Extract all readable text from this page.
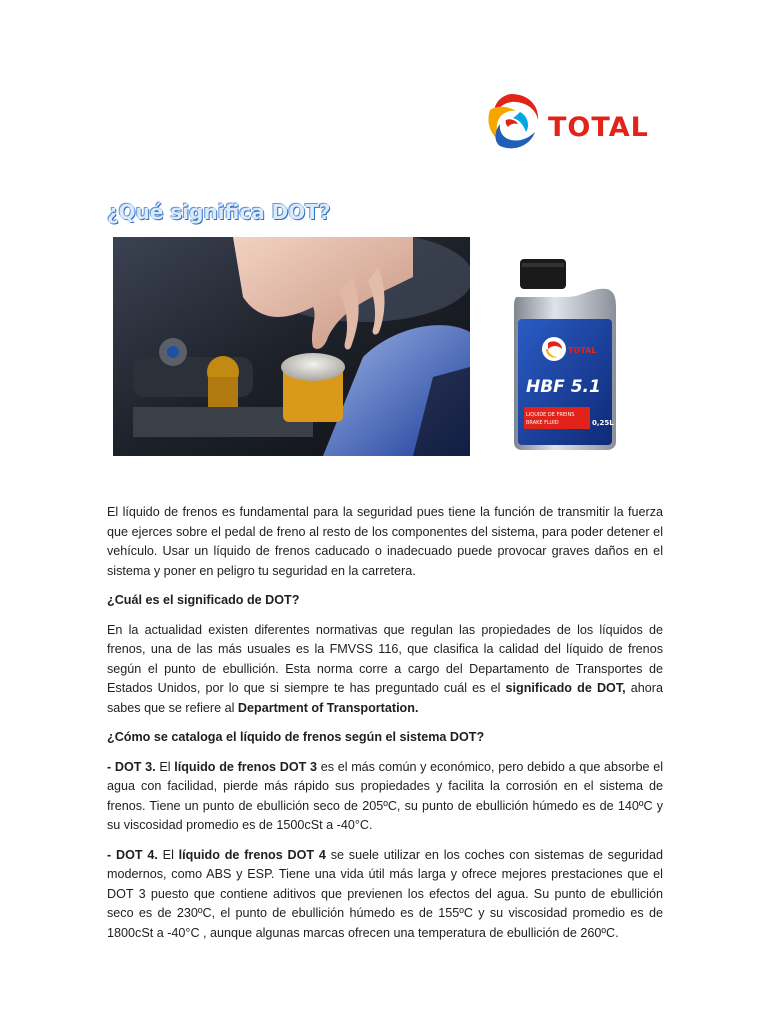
TOTAL
¿Qué significa DOT?
TOTAL
HBF 5.1
LIQUIDE DE FREINS
BRAKE FLUID	0,25L

El líquido de frenos es fundamental para la seguridad pues tiene la función de transmitir la fuerza que ejerces sobre el pedal de freno al resto de los componentes del sistema, para poder detener el vehículo. Usar un líquido de frenos caducado o inadecuado puede provocar graves daños en el sistema y poner en peligro tu seguridad en la carretera.

¿Cuál es el significado de DOT?

En la actualidad existen diferentes normativas que regulan las propiedades de los líquidos de frenos, una de las más usuales es la FMVSS 116, que clasifica la calidad del líquido de frenos según el punto de ebullición. Esta norma corre a cargo del Departamento de Transportes de Estados Unidos, por lo que si siempre te has preguntado cuál es el significado de DOT, ahora sabes que se refiere al Department of Transportation.

¿Cómo se cataloga el líquido de frenos según el sistema DOT?

- DOT 3. El líquido de frenos DOT 3 es el más común y económico, pero debido a que absorbe el agua con facilidad, pierde más rápido sus propiedades y facilita la corrosión en el sistema de frenos. Tiene un punto de ebullición seco de 205ºC, su punto de ebullición húmedo es de 140ºC y su viscosidad promedio es de 1500cSt a -40°C.

- DOT 4. El líquido de frenos DOT 4 se suele utilizar en los coches con sistemas de seguridad modernos, como ABS y ESP. Tiene una vida útil más larga y ofrece mejores prestaciones que el DOT 3 puesto que contiene aditivos que previenen los efectos del agua. Su punto de ebullición seco es de 230ºC, el punto de ebullición húmedo es de 155ºC y su viscosidad promedio es de 1800cSt a -40°C , aunque algunas marcas ofrecen una temperatura de ebullición de 260ºC.
